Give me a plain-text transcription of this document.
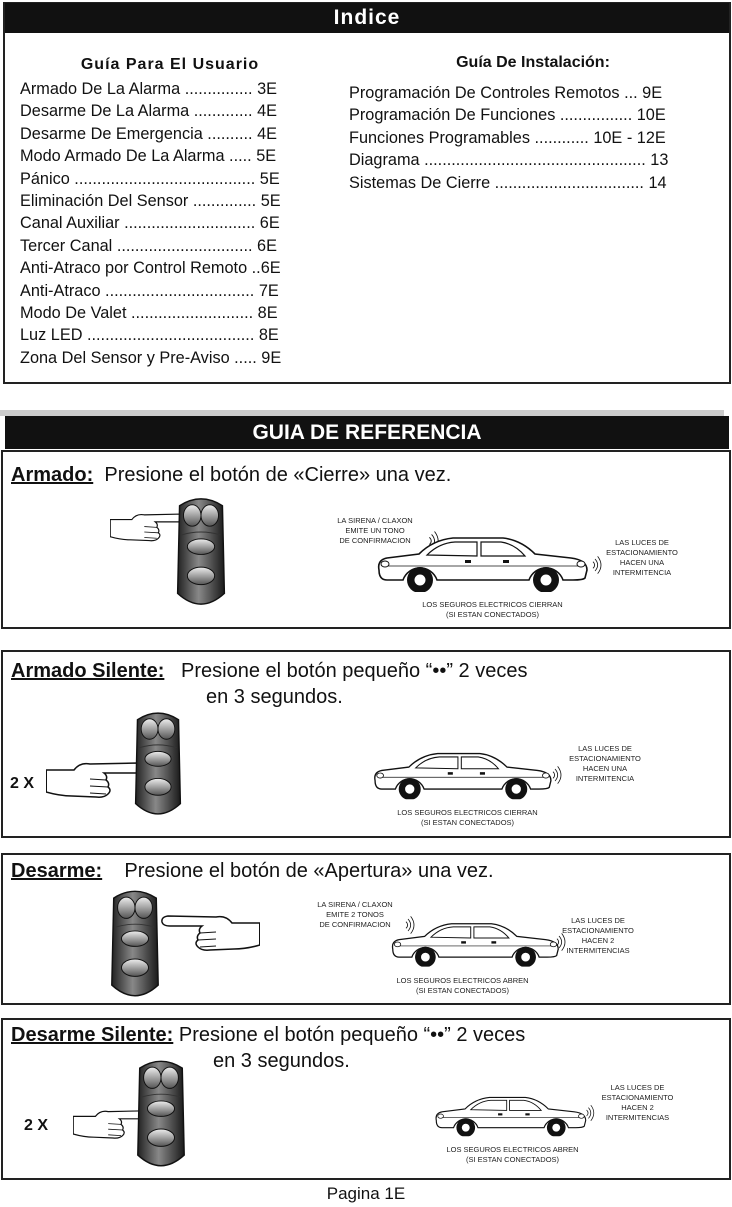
Indice
Guía Para El Usuario
Armado De La Alarma ............... 3E
Desarme De La Alarma ............. 4E
Desarme De Emergencia .......... 4E
Modo Armado De La Alarma ..... 5E
Pánico ........................................ 5E
Eliminación Del Sensor .............. 5E
Canal Auxiliar ............................. 6E
Tercer Canal .............................. 6E
Anti-Atraco por Control Remoto ..6E
Anti-Atraco ................................. 7E
Modo De Valet ........................... 8E
Luz LED ..................................... 8E
Zona Del Sensor y Pre-Aviso ..... 9E
Guía De Instalación:
Programación De Controles Remotos ... 9E
Programación De Funciones ................ 10E
Funciones Programables ............ 10E - 12E
Diagrama ................................................. 13
Sistemas De Cierre ................................. 14
GUIA DE REFERENCIA
Armado: Presione el botón de «Cierre» una vez.
LA SIRENA / CLAXON
EMITE UN TONO
DE CONFIRMACION	LAS LUCES DE
ESTACIONAMIENTO
HACEN UNA
INTERMITENCIA
LOS SEGUROS ELECTRICOS CIERRAN
(SI ESTAN CONECTADOS)
Armado Silente: Presione el botón pequeño “••” 2 veces
en 3 segundos.
2 X
LAS LUCES DE
ESTACIONAMIENTO
HACEN UNA
INTERMITENCIA
LOS SEGUROS ELECTRICOS CIERRAN
(SI ESTAN CONECTADOS)
Desarme: Presione el botón de «Apertura» una vez.
LA SIRENA / CLAXON
EMITE 2 TONOS
DE CONFIRMACION	LAS LUCES DE
ESTACIONAMIENTO
HACEN 2
INTERMITENCIAS
LOS SEGUROS ELECTRICOS ABREN
(SI ESTAN CONECTADOS)
Desarme Silente: Presione el botón pequeño “••” 2 veces
en 3 segundos.
2 X
LAS LUCES DE
ESTACIONAMIENTO
HACEN 2
INTERMITENCIAS
LOS SEGUROS ELECTRICOS ABREN
(SI ESTAN CONECTADOS)
Pagina 1E
